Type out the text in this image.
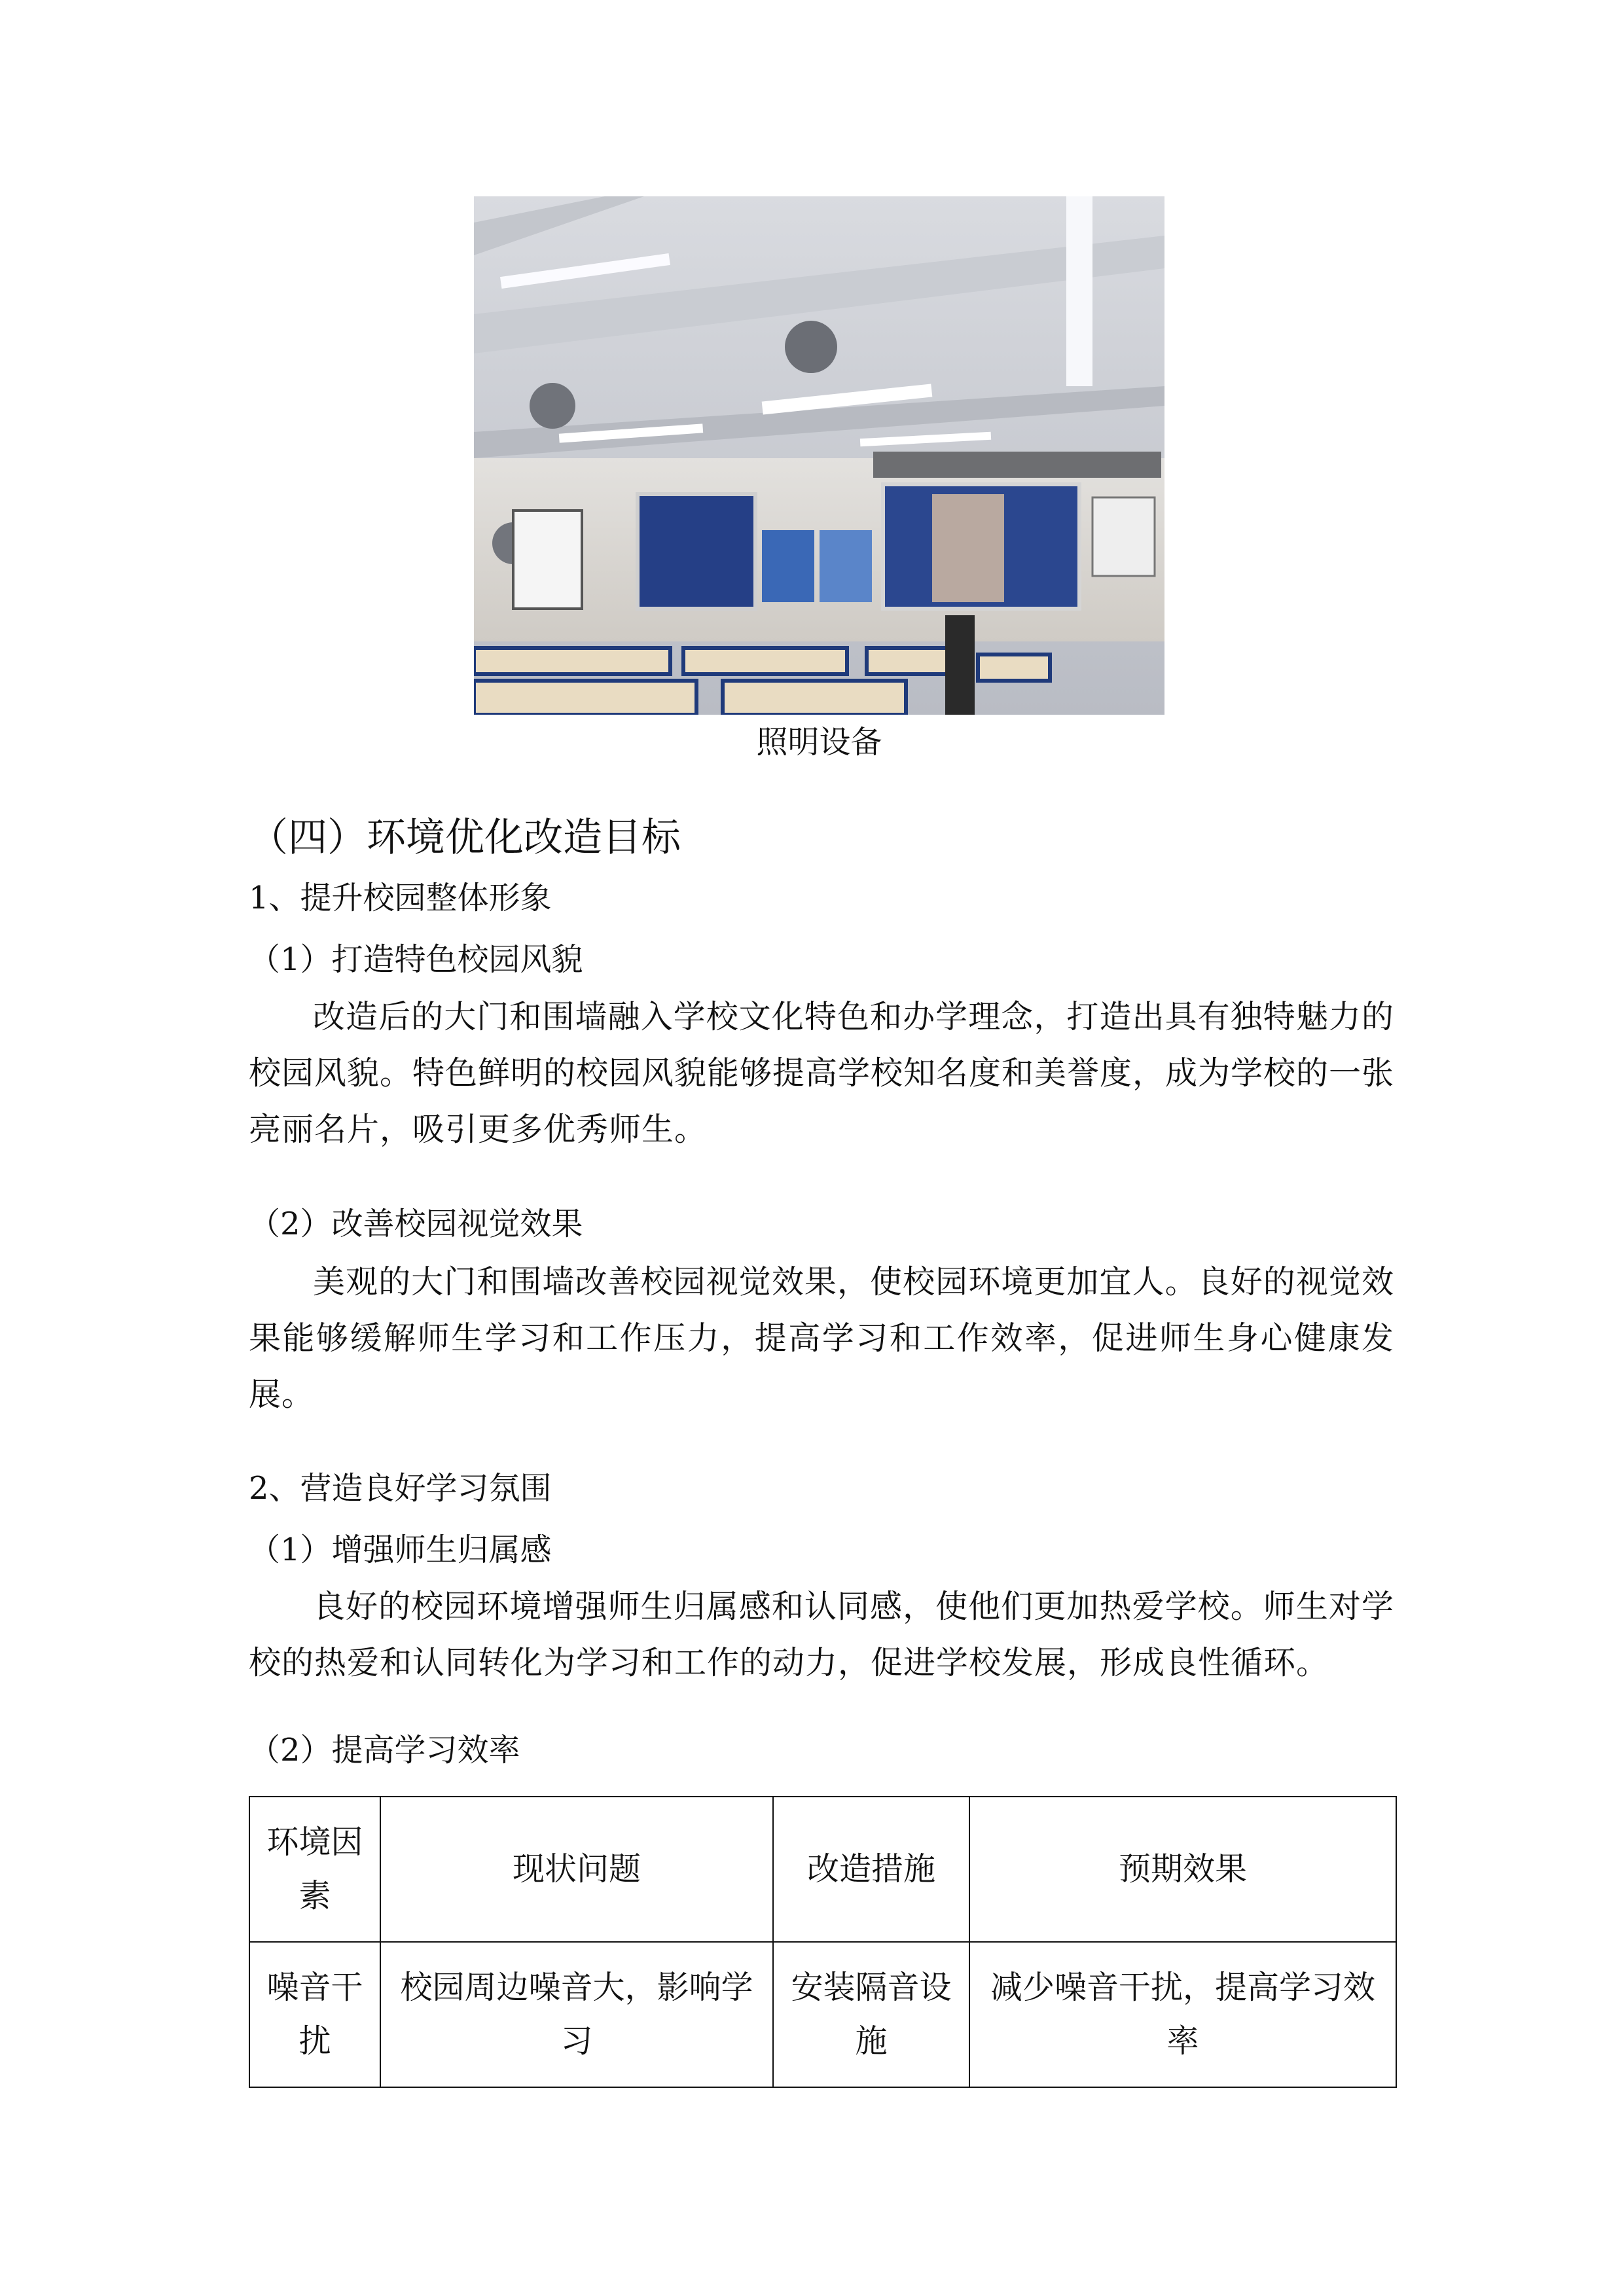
照明设备
（四）环境优化改造目标
1、提升校园整体形象
（1）打造特色校园风貌
改造后的大门和围墙融入学校文化特色和办学理念，打造出具有独特魅力的校园风貌。特色鲜明的校园风貌能够提高学校知名度和美誉度，成为学校的一张亮丽名片，吸引更多优秀师生。
（2）改善校园视觉效果
美观的大门和围墙改善校园视觉效果，使校园环境更加宜人。良好的视觉效果能够缓解师生学习和工作压力，提高学习和工作效率，促进师生身心健康发展。
2、营造良好学习氛围
（1）增强师生归属感
良好的校园环境增强师生归属感和认同感，使他们更加热爱学校。师生对学校的热爱和认同转化为学习和工作的动力，促进学校发展，形成良性循环。
（2）提高学习效率
环境因素	现状问题	改造措施	预期效果
噪音干扰	校园周边噪音大，影响学习	安装隔音设施	减少噪音干扰，提高学习效率
